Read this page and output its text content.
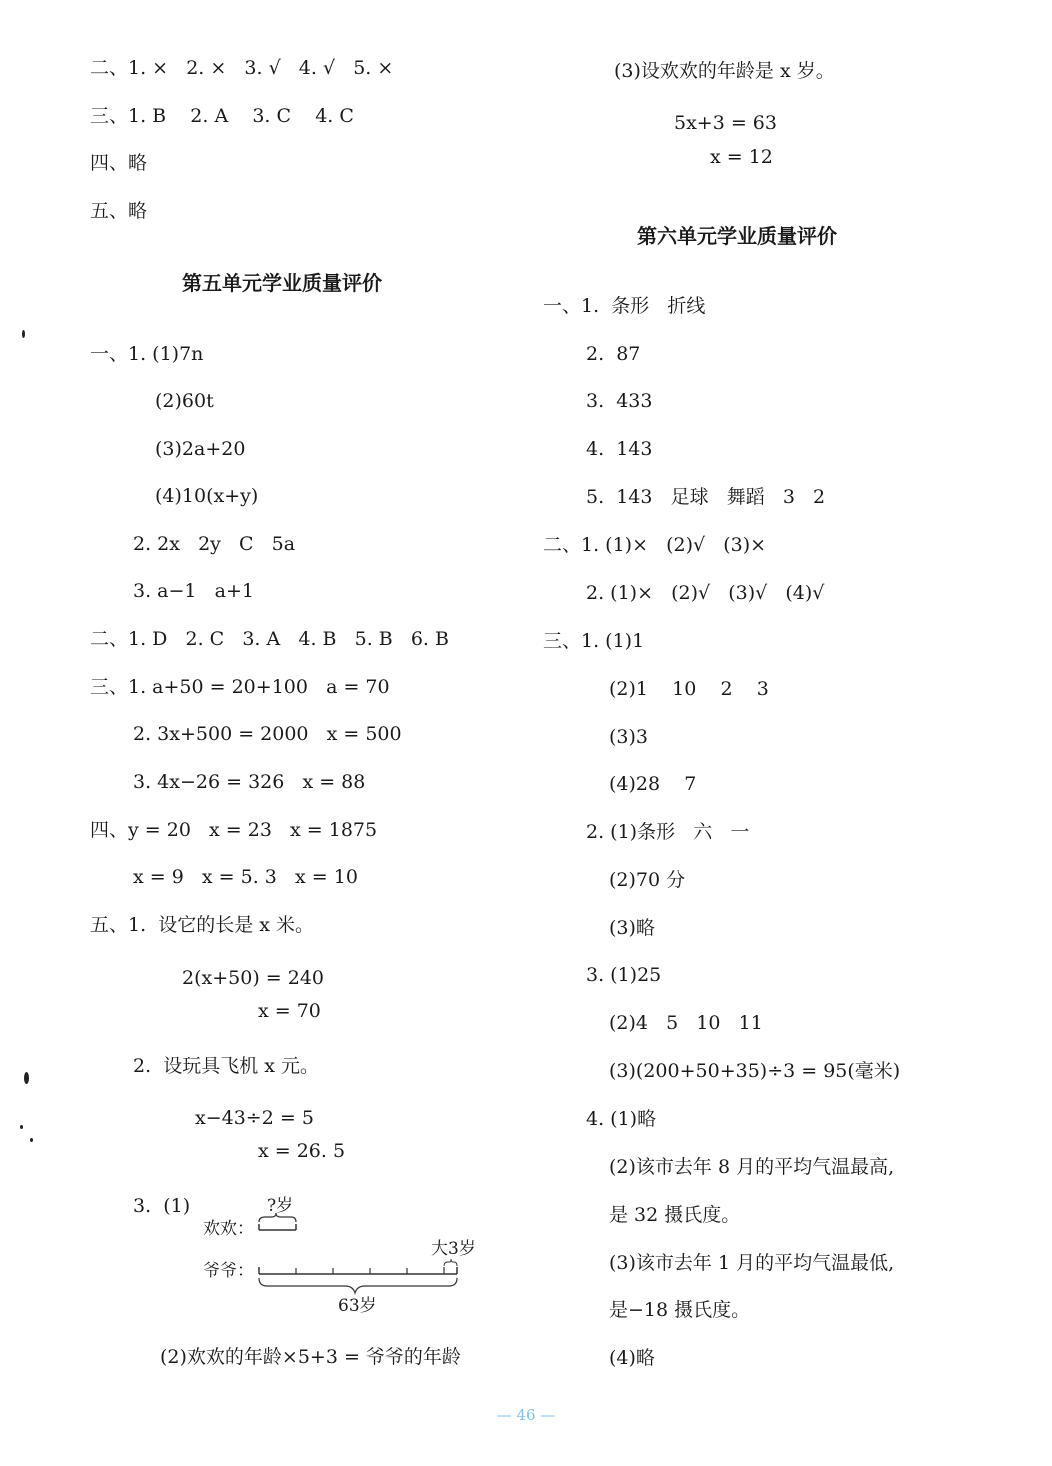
二、1. ×   2. ×   3. √   4. √   5. ×
三、1. B    2. A    3. C    4. C
四、略
五、略
第五单元学业质量评价
一、1. (1)7n
(2)60t
(3)2a+20
(4)10(x+y)
2. 2x   2y   C   5a
3. a−1   a+1
二、1. D   2. C   3. A   4. B   5. B   6. B
三、1. a+50 = 20+100   a = 70
2. 3x+500 = 2000   x = 500
3. 4x−26 = 326   x = 88
四、y = 20   x = 23   x = 1875
x = 9   x = 5. 3   x = 10
五、1.  设它的长是 x 米。
2(x+50) = 240
x = 70
2.  设玩具飞机 x 元。
x−43÷2 = 5
x = 26. 5
3.  (1)	?岁
欢欢：
大3岁
爷爷：
63岁
(2)欢欢的年龄×5+3 = 爷爷的年龄
(3)设欢欢的年龄是 x 岁。
5x+3 = 63
x = 12
第六单元学业质量评价
一、1.  条形   折线
2.  87
3.  433
4.  143
5.  143   足球   舞蹈   3   2
二、1. (1)×   (2)√   (3)×
2. (1)×   (2)√   (3)√   (4)√
三、1. (1)1
(2)1    10    2    3
(3)3
(4)28    7
2. (1)条形   六   一
(2)70 分
(3)略
3. (1)25
(2)4   5   10   11
(3)(200+50+35)÷3 = 95(毫米)
4. (1)略
(2)该市去年 8 月的平均气温最高,
是 32 摄氏度。
(3)该市去年 1 月的平均气温最低,
是−18 摄氏度。
(4)略
— 46 —
